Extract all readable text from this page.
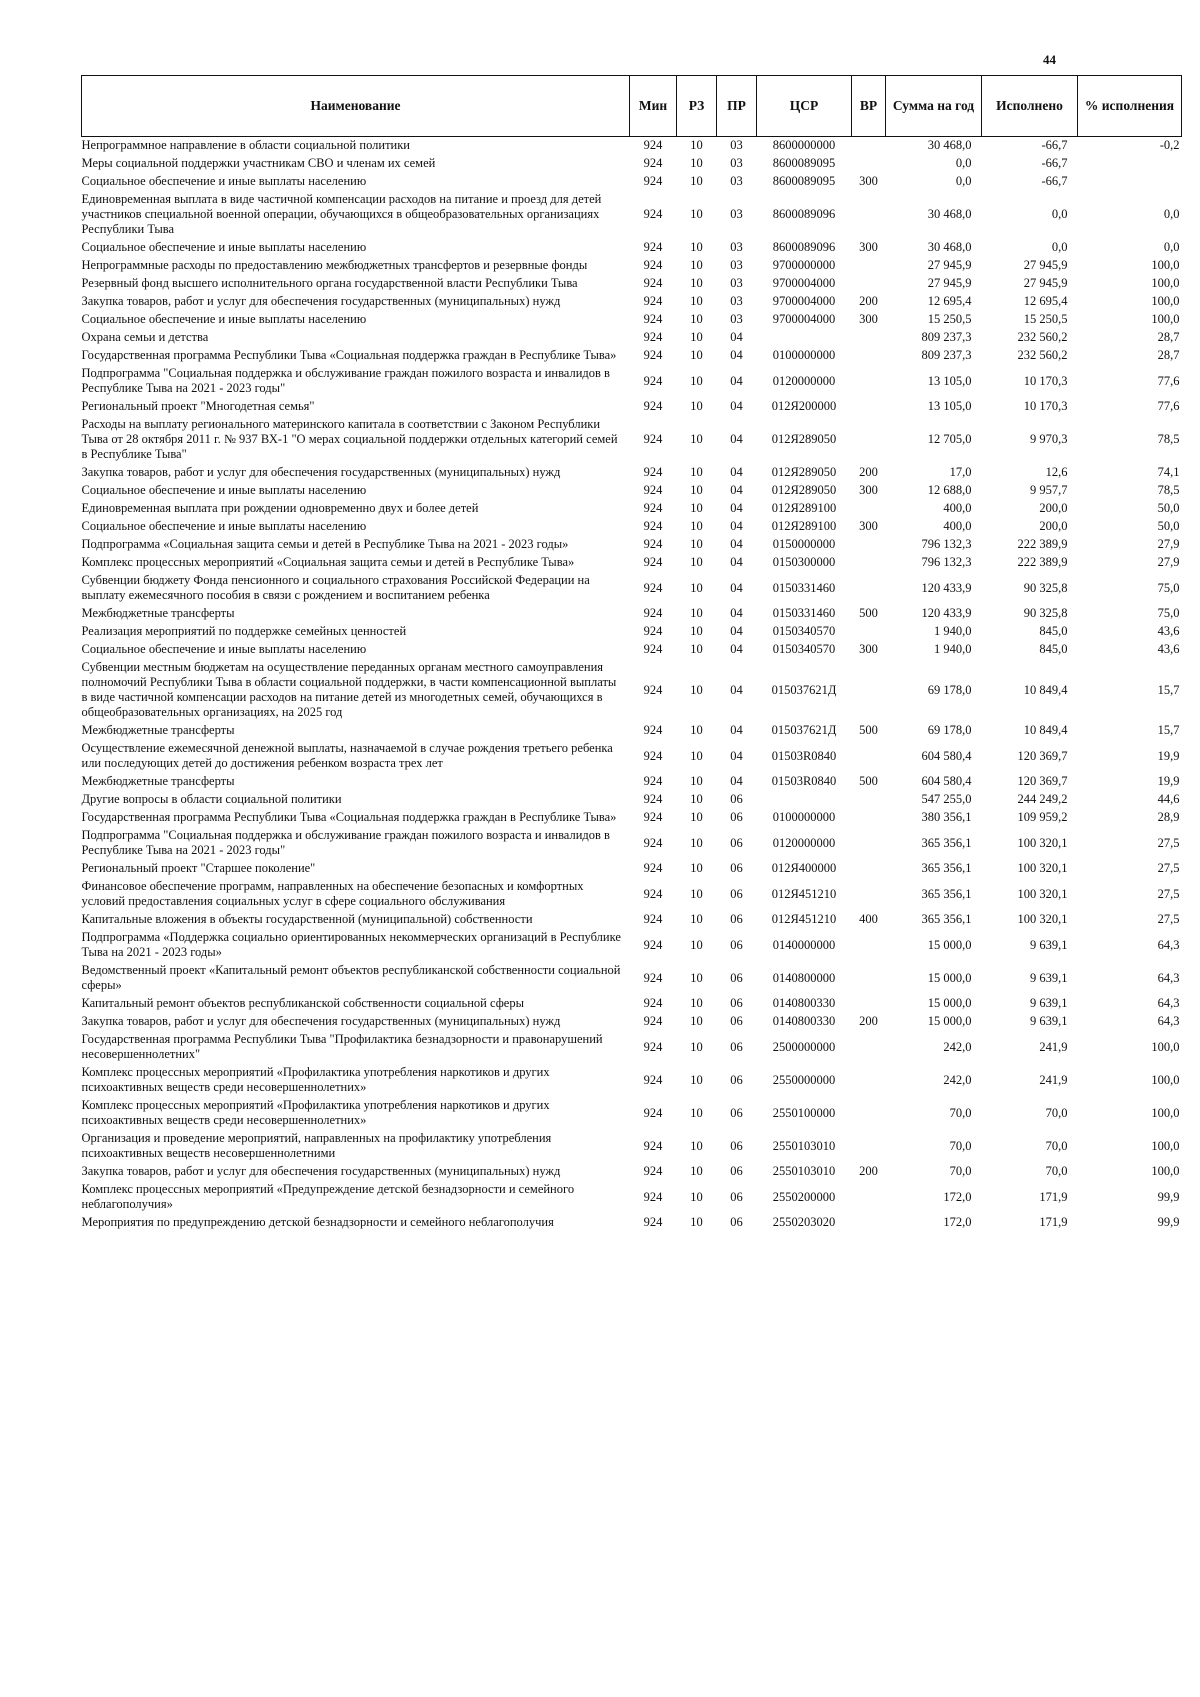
44
Наименование	Мин	РЗ	ПР	ЦСР	ВР	Сумма на год	Исполнено	% исполнения
Непрограммное направление в области социальной политики	924	10	03	8600000000		30 468,0	-66,7	-0,2
Меры социальной поддержки участникам СВО и членам их семей	924	10	03	8600089095		0,0	-66,7	
Социальное обеспечение и иные выплаты населению	924	10	03	8600089095	300	0,0	-66,7	
Единовременная выплата в виде частичной компенсации расходов на питание и проезд для детей участников специальной военной операции, обучающихся в общеобразовательных организациях Республики Тыва	924	10	03	8600089096		30 468,0	0,0	0,0
Социальное обеспечение и иные выплаты населению	924	10	03	8600089096	300	30 468,0	0,0	0,0
Непрограммные расходы по предоставлению межбюджетных трансфертов и резервные фонды	924	10	03	9700000000		27 945,9	27 945,9	100,0
Резервный фонд высшего исполнительного органа государственной власти Республики Тыва	924	10	03	9700004000		27 945,9	27 945,9	100,0
Закупка товаров, работ и услуг для обеспечения государственных (муниципальных) нужд	924	10	03	9700004000	200	12 695,4	12 695,4	100,0
Социальное обеспечение и иные выплаты населению	924	10	03	9700004000	300	15 250,5	15 250,5	100,0
Охрана семьи и детства	924	10	04			809 237,3	232 560,2	28,7
Государственная программа Республики Тыва «Социальная поддержка граждан в Республике Тыва»	924	10	04	0100000000		809 237,3	232 560,2	28,7
Подпрограмма "Социальная поддержка и обслуживание граждан пожилого возраста и инвалидов в Республике Тыва на 2021 - 2023 годы"	924	10	04	0120000000		13 105,0	10 170,3	77,6
Региональный проект "Многодетная семья"	924	10	04	012Я200000		13 105,0	10 170,3	77,6
Расходы на выплату регионального материнского капитала в соответствии с Законом Республики Тыва от 28 октября 2011 г. № 937 ВХ-1 "О мерах социальной поддержки отдельных категорий семей в Республике Тыва"	924	10	04	012Я289050		12 705,0	9 970,3	78,5
Закупка товаров, работ и услуг для обеспечения государственных (муниципальных) нужд	924	10	04	012Я289050	200	17,0	12,6	74,1
Социальное обеспечение и иные выплаты населению	924	10	04	012Я289050	300	12 688,0	9 957,7	78,5
Единовременная выплата при рождении одновременно двух и более детей	924	10	04	012Я289100		400,0	200,0	50,0
Социальное обеспечение и иные выплаты населению	924	10	04	012Я289100	300	400,0	200,0	50,0
Подпрограмма «Социальная защита семьи и детей в Республике Тыва на 2021 - 2023 годы»	924	10	04	0150000000		796 132,3	222 389,9	27,9
Комплекс процессных мероприятий «Социальная защита семьи и детей в Республике Тыва»	924	10	04	0150300000		796 132,3	222 389,9	27,9
Субвенции бюджету Фонда пенсионного и социального страхования Российской Федерации на выплату ежемесячного пособия в связи с рождением и воспитанием ребенка	924	10	04	0150331460		120 433,9	90 325,8	75,0
Межбюджетные трансферты	924	10	04	0150331460	500	120 433,9	90 325,8	75,0
Реализация мероприятий по поддержке семейных ценностей	924	10	04	0150340570		1 940,0	845,0	43,6
Социальное обеспечение и иные выплаты населению	924	10	04	0150340570	300	1 940,0	845,0	43,6
Субвенции местным бюджетам на осуществление переданных органам местного самоуправления полномочий Республики Тыва в области социальной поддержки, в части компенсационной выплаты в виде частичной компенсации расходов на питание детей из многодетных семей, обучающихся в общеобразовательных организациях, на 2025 год	924	10	04	015037621Д		69 178,0	10 849,4	15,7
Межбюджетные трансферты	924	10	04	015037621Д	500	69 178,0	10 849,4	15,7
Осуществление ежемесячной денежной выплаты, назначаемой в случае рождения третьего ребенка или последующих детей до достижения ребенком возраста трех лет	924	10	04	01503R0840		604 580,4	120 369,7	19,9
Межбюджетные трансферты	924	10	04	01503R0840	500	604 580,4	120 369,7	19,9
Другие вопросы в области социальной политики	924	10	06			547 255,0	244 249,2	44,6
Государственная программа Республики Тыва «Социальная поддержка граждан в Республике Тыва»	924	10	06	0100000000		380 356,1	109 959,2	28,9
Подпрограмма "Социальная поддержка и обслуживание граждан пожилого возраста и инвалидов в Республике Тыва на 2021 - 2023 годы"	924	10	06	0120000000		365 356,1	100 320,1	27,5
Региональный проект "Старшее поколение"	924	10	06	012Я400000		365 356,1	100 320,1	27,5
Финансовое обеспечение программ, направленных на обеспечение безопасных и комфортных условий предоставления социальных услуг в сфере социального обслуживания	924	10	06	012Я451210		365 356,1	100 320,1	27,5
Капитальные вложения в объекты государственной (муниципальной) собственности	924	10	06	012Я451210	400	365 356,1	100 320,1	27,5
Подпрограмма «Поддержка социально ориентированных некоммерческих организаций в Республике Тыва на 2021 - 2023 годы»	924	10	06	0140000000		15 000,0	9 639,1	64,3
Ведомственный проект «Капитальный ремонт объектов республиканской собственности социальной сферы»	924	10	06	0140800000		15 000,0	9 639,1	64,3
Капитальный ремонт объектов республиканской собственности социальной сферы	924	10	06	0140800330		15 000,0	9 639,1	64,3
Закупка товаров, работ и услуг для обеспечения государственных (муниципальных) нужд	924	10	06	0140800330	200	15 000,0	9 639,1	64,3
Государственная программа Республики Тыва "Профилактика безнадзорности и правонарушений несовершеннолетних"	924	10	06	2500000000		242,0	241,9	100,0
Комплекс процессных мероприятий «Профилактика употребления наркотиков и других психоактивных веществ среди несовершеннолетних»	924	10	06	2550000000		242,0	241,9	100,0
Комплекс процессных мероприятий «Профилактика употребления наркотиков и других психоактивных веществ среди несовершеннолетних»	924	10	06	2550100000		70,0	70,0	100,0
Организация и проведение мероприятий, направленных на профилактику употребления психоактивных веществ несовершеннолетними	924	10	06	2550103010		70,0	70,0	100,0
Закупка товаров, работ и услуг для обеспечения государственных (муниципальных) нужд	924	10	06	2550103010	200	70,0	70,0	100,0
Комплекс процессных мероприятий «Предупреждение детской безнадзорности и семейного неблагополучия»	924	10	06	2550200000		172,0	171,9	99,9
Мероприятия по предупреждению детской безнадзорности и семейного неблагополучия	924	10	06	2550203020		172,0	171,9	99,9
